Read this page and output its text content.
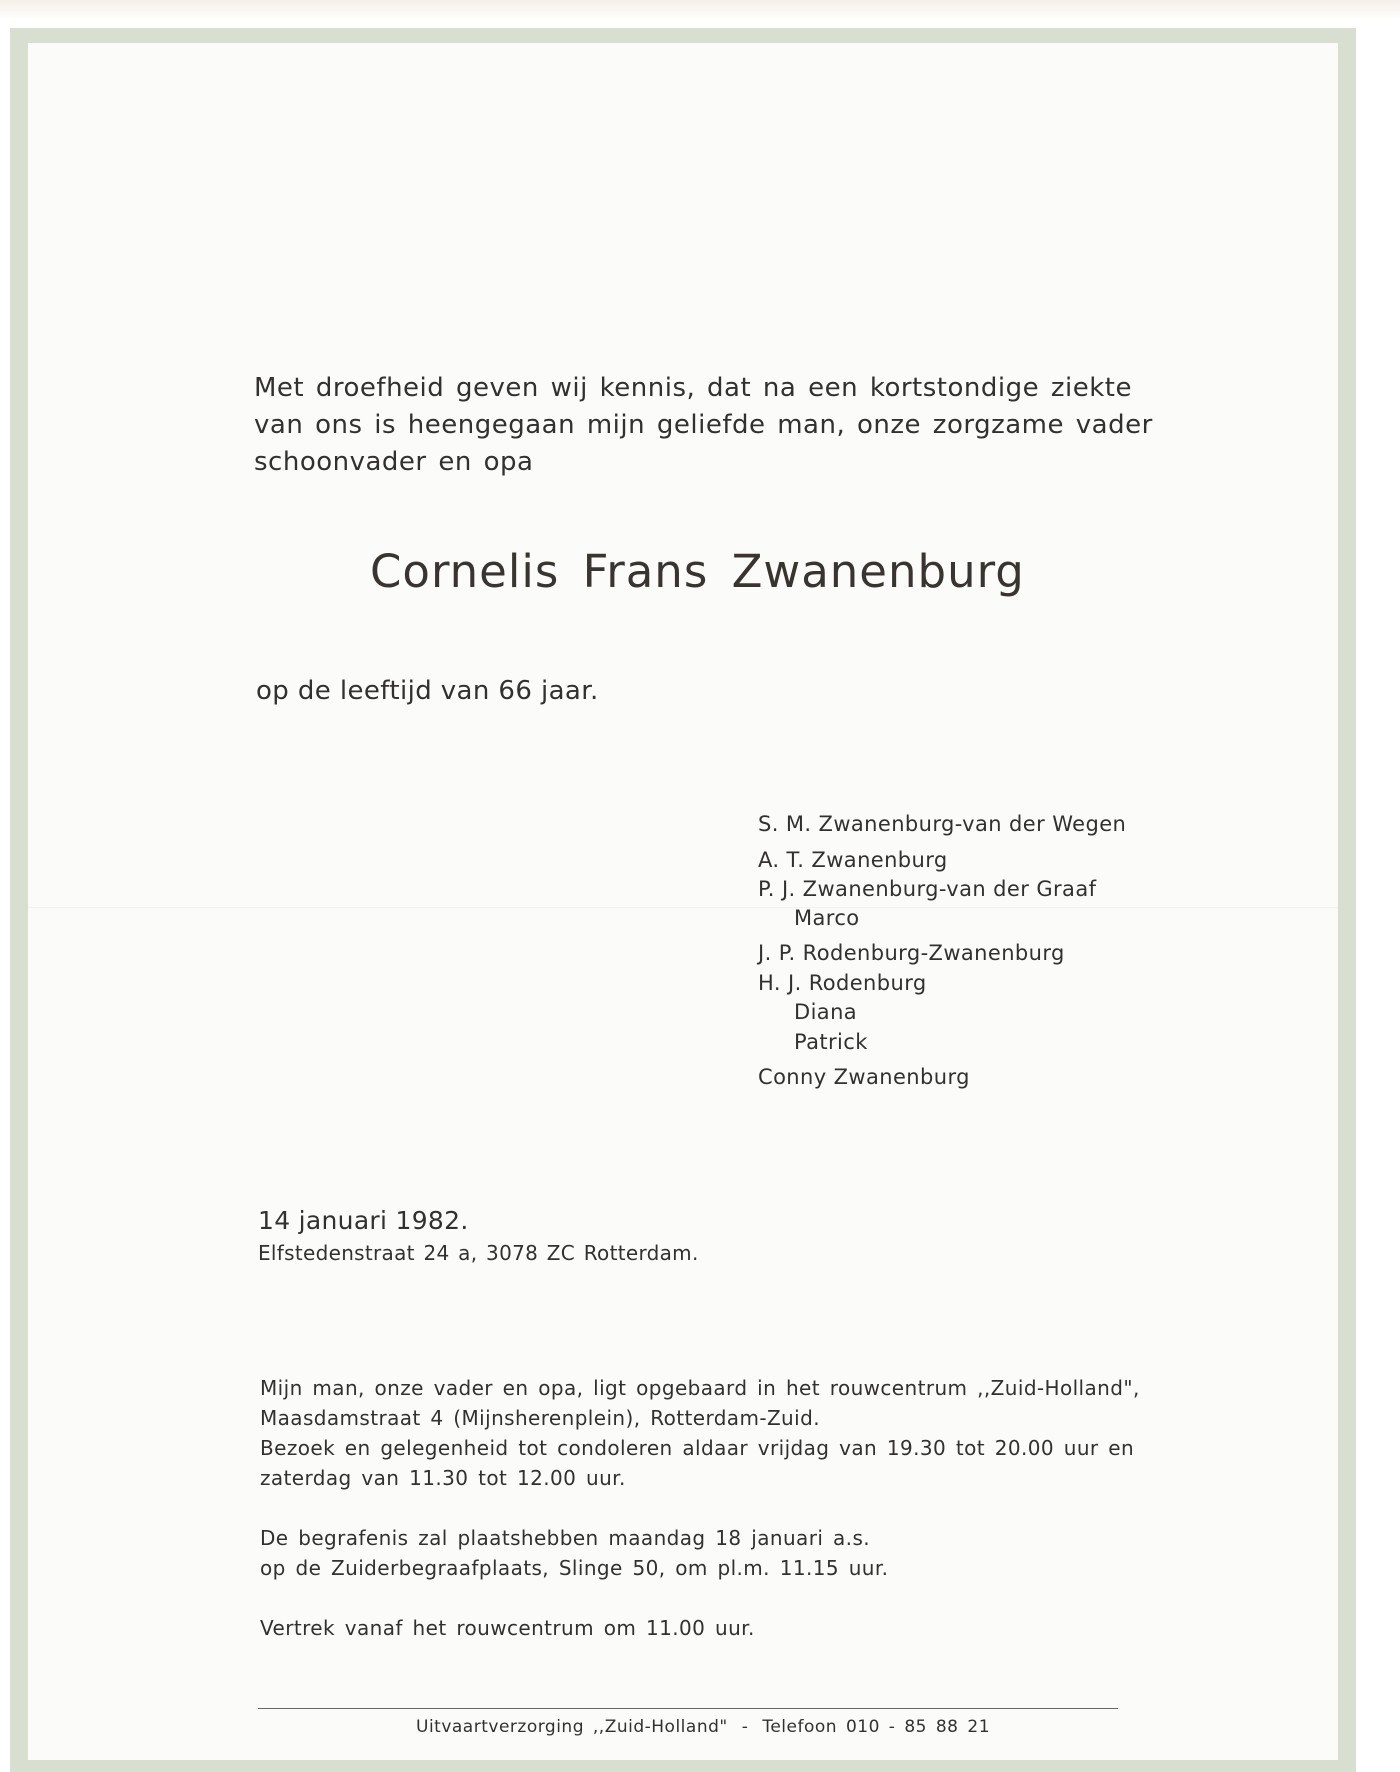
Met droefheid geven wij kennis, dat na een kortstondige ziekte
van ons is heengegaan mijn geliefde man, onze zorgzame vader
schoonvader en opa
Cornelis Frans Zwanenburg
op de leeftijd van 66 jaar.
S. M. Zwanenburg-van der Wegen
A. T. Zwanenburg
P. J. Zwanenburg-van der Graaf
Marco
J. P. Rodenburg-Zwanenburg
H. J. Rodenburg
Diana
Patrick
Conny Zwanenburg
14 januari 1982.
Elfstedenstraat 24 a, 3078 ZC Rotterdam.
Mijn man, onze vader en opa, ligt opgebaard in het rouwcentrum ,,Zuid-Holland",
Maasdamstraat 4 (Mijnsherenplein), Rotterdam-Zuid.
Bezoek en gelegenheid tot condoleren aldaar vrijdag van 19.30 tot 20.00 uur en
zaterdag van 11.30 tot 12.00 uur.
De begrafenis zal plaatshebben maandag 18 januari a.s.
op de Zuiderbegraafplaats, Slinge 50, om pl.m. 11.15 uur.
Vertrek vanaf het rouwcentrum om 11.00 uur.
Uitvaartverzorging ,,Zuid-Holland" - Telefoon 010 - 85 88 21
